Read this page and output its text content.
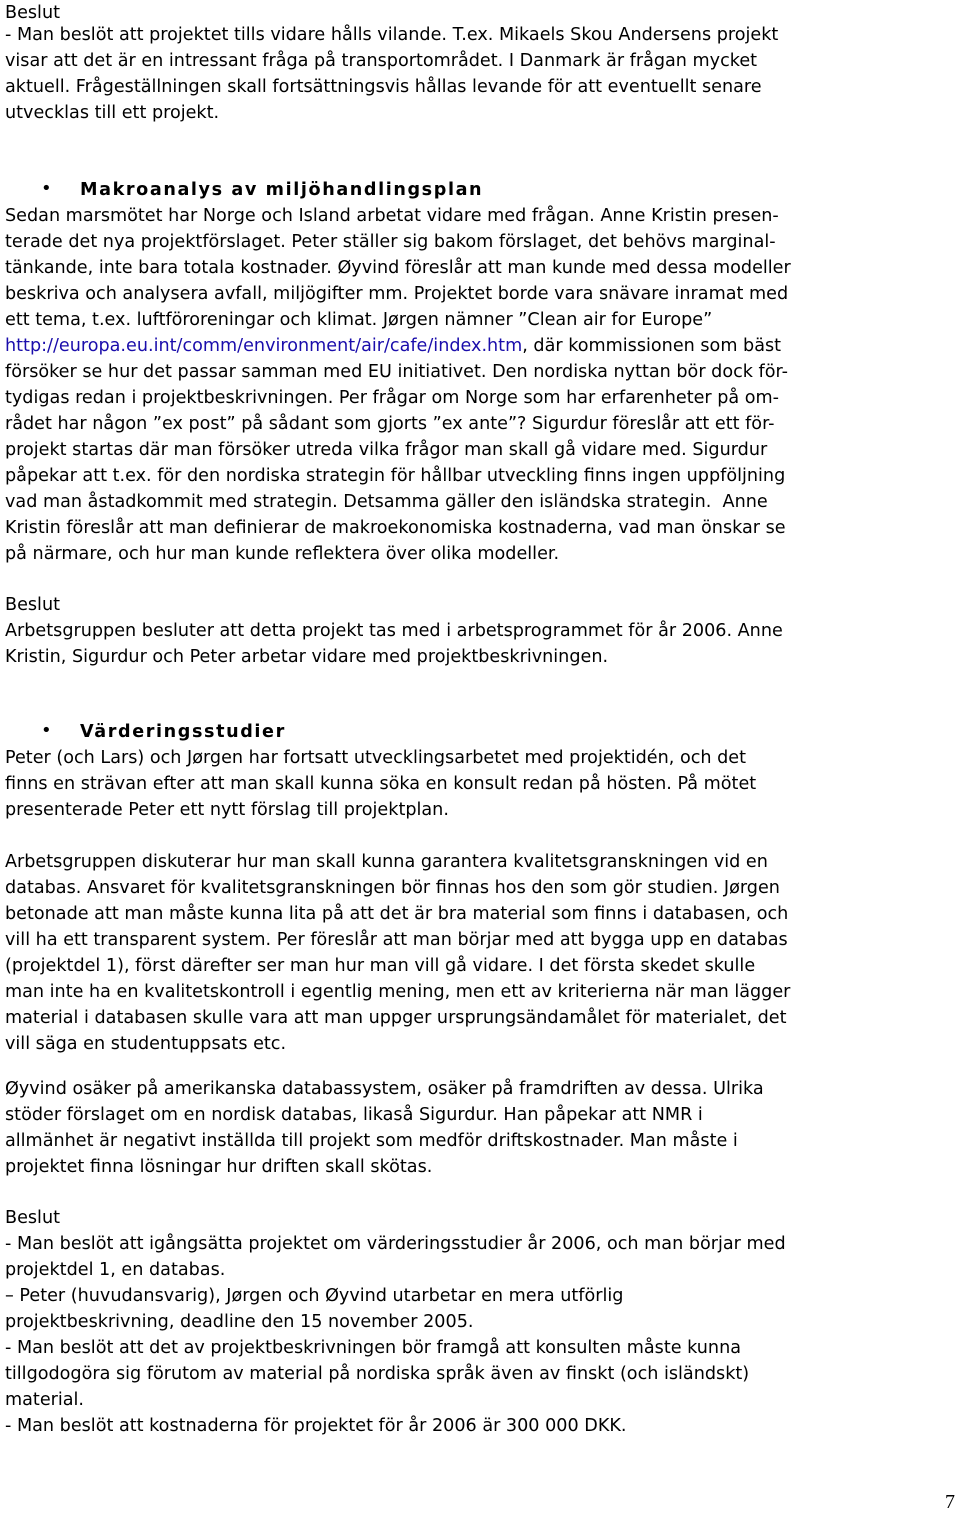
Beslut
- Man beslöt att projektet tills vidare hålls vilande. T.ex. Mikaels Skou Andersens projekt
visar att det är en intressant fråga på transportområdet. I Danmark är frågan mycket
aktuell. Frågeställningen skall fortsättningsvis hållas levande för att eventuellt senare
utvecklas till ett projekt.
• Makroanalys av miljöhandlingsplan
Sedan marsmötet har Norge och Island arbetat vidare med frågan. Anne Kristin presen-
terade det nya projektförslaget. Peter ställer sig bakom förslaget, det behövs marginal-
tänkande, inte bara totala kostnader. Øyvind föreslår att man kunde med dessa modeller
beskriva och analysera avfall, miljögifter mm. Projektet borde vara snävare inramat med
ett tema, t.ex. luftföroreningar och klimat. Jørgen nämner ”Clean air for Europe”
http://europa.eu.int/comm/environment/air/cafe/index.htm, där kommissionen som bäst
försöker se hur det passar samman med EU initiativet. Den nordiska nyttan bör dock för-
tydigas redan i projektbeskrivningen. Per frågar om Norge som har erfarenheter på om-
rådet har någon ”ex post” på sådant som gjorts ”ex ante”? Sigurdur föreslår att ett för-
projekt startas där man försöker utreda vilka frågor man skall gå vidare med. Sigurdur
påpekar att t.ex. för den nordiska strategin för hållbar utveckling finns ingen uppföljning
vad man åstadkommit med strategin. Detsamma gäller den isländska strategin.  Anne
Kristin föreslår att man definierar de makroekonomiska kostnaderna, vad man önskar se
på närmare, och hur man kunde reflektera över olika modeller.
Beslut
Arbetsgruppen besluter att detta projekt tas med i arbetsprogrammet för år 2006. Anne
Kristin, Sigurdur och Peter arbetar vidare med projektbeskrivningen.
• Värderingsstudier
Peter (och Lars) och Jørgen har fortsatt utvecklingsarbetet med projektidén, och det
finns en strävan efter att man skall kunna söka en konsult redan på hösten. På mötet
presenterade Peter ett nytt förslag till projektplan.
Arbetsgruppen diskuterar hur man skall kunna garantera kvalitetsgranskningen vid en
databas. Ansvaret för kvalitetsgranskningen bör finnas hos den som gör studien. Jørgen
betonade att man måste kunna lita på att det är bra material som finns i databasen, och
vill ha ett transparent system. Per föreslår att man börjar med att bygga upp en databas
(projektdel 1), först därefter ser man hur man vill gå vidare. I det första skedet skulle
man inte ha en kvalitetskontroll i egentlig mening, men ett av kriterierna när man lägger
material i databasen skulle vara att man uppger ursprungsändamålet för materialet, det
vill säga en studentuppsats etc.
Øyvind osäker på amerikanska databassystem, osäker på framdriften av dessa. Ulrika
stöder förslaget om en nordisk databas, likaså Sigurdur. Han påpekar att NMR i
allmänhet är negativt inställda till projekt som medför driftskostnader. Man måste i
projektet finna lösningar hur driften skall skötas.
Beslut
- Man beslöt att igångsätta projektet om värderingsstudier år 2006, och man börjar med
projektdel 1, en databas.
– Peter (huvudansvarig), Jørgen och Øyvind utarbetar en mera utförlig
projektbeskrivning, deadline den 15 november 2005.
- Man beslöt att det av projektbeskrivningen bör framgå att konsulten måste kunna
tillgodogöra sig förutom av material på nordiska språk även av finskt (och isländskt)
material.
- Man beslöt att kostnaderna för projektet för år 2006 är 300 000 DKK.
7
